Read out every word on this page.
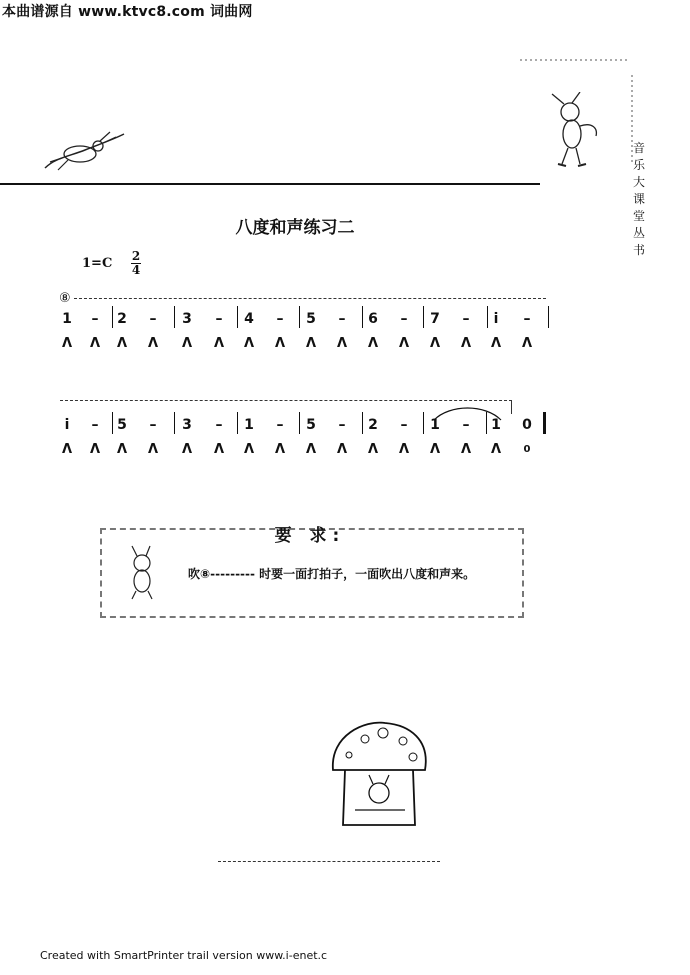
本曲谱源自 www.ktvc8.com 词曲网
音
乐
大
课
堂
丛
书
八度和声练习二
$1=C \frac{2}{4}$
⑧
1 – 2 – 3 – 4 – 5 – 6 – 7 – i̇ –
Λ Λ Λ Λ Λ Λ Λ Λ Λ Λ Λ Λ Λ Λ Λ Λ
i̇ – 5 – 3 – 1 – 5 – 2 – 1 – 1 0
Λ Λ Λ Λ Λ Λ Λ Λ Λ Λ Λ Λ Λ Λ Λ 0
要 求:
吹⑧--------- 时要一面打拍子，一面吹出八度和声来。
Created with SmartPrinter trail version www.i-enet.c
